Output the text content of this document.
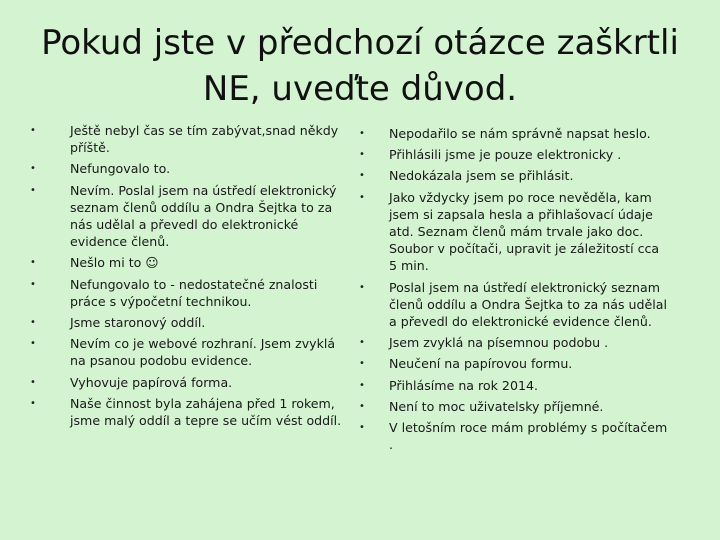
Pokud jste v předchozí otázce zaškrtli
NE, uveďte důvod.
•	Ještě nebyl čas se tím zabývat,snad někdy příště.
•	Nefungovalo to.
•	Nevím. Poslal jsem na ústředí elektronický seznam členů oddílu a Ondra Šejtka to za nás udělal a převedl do elektronické evidence členů.
•	Nešlo mi to ☺
•	Nefungovalo to - nedostatečné znalosti práce s výpočetní technikou.
•	Jsme staronový oddíl.
•	Nevím co je webové rozhraní. Jsem zvyklá na psanou podobu evidence.
•	Vyhovuje papírová forma.
•	Naše činnost byla zahájena před 1 rokem, jsme malý oddíl a tepre se učím vést oddíl.
• Nepodařilo se nám správně napsat heslo.
• Přihlásili jsme je pouze elektronicky .
• Nedokázala jsem se přihlásit.
• Jako vždycky jsem po roce nevěděla, kam jsem si zapsala hesla a přihlašovací údaje atd. Seznam členů mám trvale jako doc. Soubor v počítači, upravit je záležitostí cca 5 min.
• Poslal jsem na ústředí elektronický seznam členů oddílu a Ondra Šejtka to za nás udělal a převedl do elektronické evidence členů.
• Jsem zvyklá na písemnou podobu .
• Neučení na papírovou formu.
• Přihlásíme na rok 2014.
• Není to moc uživatelsky příjemné.
• V letošním roce mám problémy s počítačem .
